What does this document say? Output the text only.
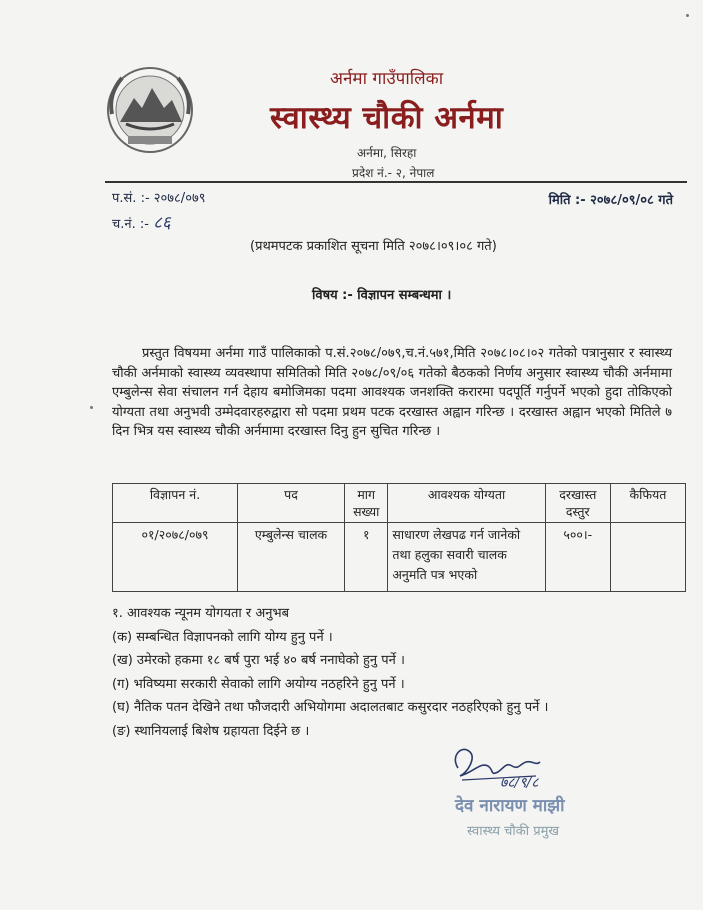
अर्नमा गाउँपालिका
स्वास्थ्य चौकी अर्नमा
अर्नमा, सिरहा
प्रदेश नं.- २, नेपाल
प.सं. :- २०७८/०७९
च.नं. :- ८६
मिति :- २०७८/०९/०८ गते
(प्रथमपटक प्रकाशित सूचना मिति २०७८।०९।०८ गते)
विषय :- विज्ञापन सम्बन्धमा ।

प्रस्तुत विषयमा अर्नमा गाउँ पालिकाको प.सं.२०७८/०७९,च.नं.५७१,मिति २०७८।०८।०२ गतेको पत्रानुसार र स्वास्थ्य चौकी अर्नमाको स्वास्थ्य व्यवस्थापा समितिको मिति २०७८/०९/०६ गतेको बैठकको निर्णय अनुसार स्वास्थ्य चौकी अर्नमामा एम्बुलेन्स सेवा संचालन गर्न देहाय बमोजिमका पदमा आवश्यक जनशक्ति करारमा पदपूर्ति गर्नुपर्ने भएको हुदा तोकिएको योग्यता तथा अनुभवी उम्मेदवारहरुद्वारा सो पदमा प्रथम पटक दरखास्त अह्वान गरिन्छ । दरखास्त अह्वान भएको मितिले ७ दिन भित्र यस स्वास्थ्य चौकी अर्नमामा दरखास्त दिनु हुन सुचित गरिन्छ ।

विज्ञापन नं.	पद	माग सख्या	आवश्यक योग्यता	दरखास्त दस्तुर	कैफियत
०१/२०७८/०७९	एम्बुलेन्स चालक	१	साधारण लेखपढ गर्न जानेको तथा हलुका सवारी चालक अनुमति पत्र भएको	५००।-	
१. आवश्यक न्यूनम योगयता र अनुभब
(क) सम्बन्धित विज्ञापनको लागि योग्य हुनु पर्ने ।
(ख) उमेरको हकमा १८ बर्ष पुरा भई ४० बर्ष ननाघेको हुनु पर्ने ।
(ग) भविष्यमा सरकारी सेवाको लागि अयोग्य नठहरिने हुनु पर्ने ।
(घ) नैतिक पतन देखिने तथा फौजदारी अभियोगमा अदालतबाट कसुरदार नठहरिएको हुनु पर्ने ।
(ङ) स्थानियलाई बिशेष ग्रहायता दिईने छ ।
७८/९/८
देव नारायण माझी
स्वास्थ्य चौकी प्रमुख
